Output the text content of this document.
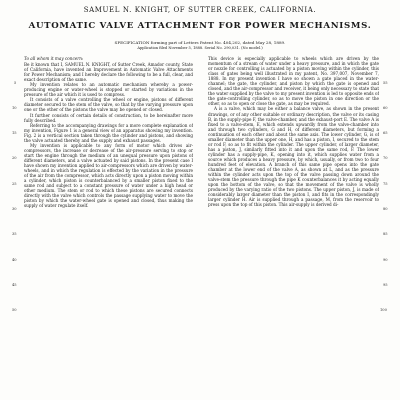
SAMUEL N. KNIGHT, OF SUTTER CREEK, CALIFORNIA.
AUTOMATIC VALVE ATTACHMENT FOR POWER MECHANISMS.
SPECIFICATION forming part of Letters Patent No. 404,202, dated May 28, 1889.
Application filed November 5, 1888. Serial No. 290,031. (No model.)
To all whom it may concern:

Be it known that I, SAMUEL N. KNIGHT, of Sutter Creek, Amador county, State of California, have invented an Improvement in Automatic Valve Attachments for Power Mechanism; and I hereby declare the following to be a full, clear, and exact description of the same.

My invention relates to an automatic mechanism whereby a power-producing engine or water-wheel is stopped or started by variations in the pressure of the air which it is used to compress.

It consists of a valve controlling the wheel or engine, pistons of different diameter secured to the stem of the valve, so that by the varying pressure upon one or the other of the pistons the valve may be opened or closed.

It further consists of certain details of construction, to be hereinafter more fully described.

Referring to the accompanying drawings for a more complete explanation of my invention, Figure 1 is a general view of an apparatus showing my invention. Fig. 2 is a vertical section taken through the cylinder and pistons, and showing the valve actuated thereby and the supply and exhaust passages.

My invention is applicable to any form of motor which drives air-compressors, the increase or decrease of the air-pressure serving to stop or start the engine through the medium of an unequal pressure upon pistons of different diameters, and a valve actuated by said pistons. In the present case I have shown my invention applied to air-compressors which are driven by water-wheels, and in which the regulation is effected by the variation in the pressure of the air from the compressor, which acts directly upon a piston moving within a cylinder, which piston is counterbalanced by a smaller piston fixed to the same rod and subject to a constant pressure of water under a high head or other medium. The stem or rod to which these pistons are secured connects directly with the valve which controls the passage supplying water to move the piston by which the water-wheel gate is opened and closed, thus making the supply of water regulate itself.

This device is especially applicable to wheels which are driven by the momentum of a stream of water under a heavy pressure, and in which the gate or nozzle for controlling is actuated by a piston moving within the cylinder, this class of gates being well illustrated in my patent, No. 397,007, November 7, 1888. In my present invention I have so shown a gate placed in the water-channel; the gate, the cylinder, and piston by which the gate is opened and closed, and the air-compressor and receiver, it being only necessary to state that the water supplied by the valve to my present invention is led to opposite ends of the gate-controlling cylinder, so as to move the piston in one direction or the other, so as to open or close the gate, as may be required.

A is a valve, which may be either a balance valve, as shown in the present drawings, or of any other suitable or ordinary description, the valve or its casing B, in the supply-pipe F, the valve-chamber, and the exhaust-port E. The valve A is fixed to a valve-stem, E, which extends upwardly from the valve-chamber into and through two cylinders, G and H, of different diameters, but forming a continuation of each other and about the same axis. The lower cylinder, G, is of smaller diameter than the upper one, H, and has a piston, I, secured to the stem or rod F, so as to fit within the cylinder. The upper cylinder, of larger diameter, has a piston, J, similarly fitted into it and upon the same rod, F. The lower cylinder has a supply-pipe, K, opening into it, which supplies water from a source which produces a heavy pressure, by which, usually, or from two to four hundred feet of elevation. A branch of this same pipe opens into the gate chamber at the lower end of the valve A, as shown at L, and as the pressure within the cylinder acts upon the top of the valve passing down around the valve-stem the pressure through the pipe K counterbalances it by acting equally upon the bottom of the valve, so that the movement of the valve is wholly produced by the varying ratio of the two pistons. The upper piston, J, is made of considerably larger diameter than the piston I, and fits in the correspondingly larger cylinder H. Air is supplied through a passage, M, from the reservoir to press upon the top of this piston. This air-supply is derived di-

5
10
15
20
25
30
35
40
45
50
55
60
65
70
75
80
85
90
95
100
